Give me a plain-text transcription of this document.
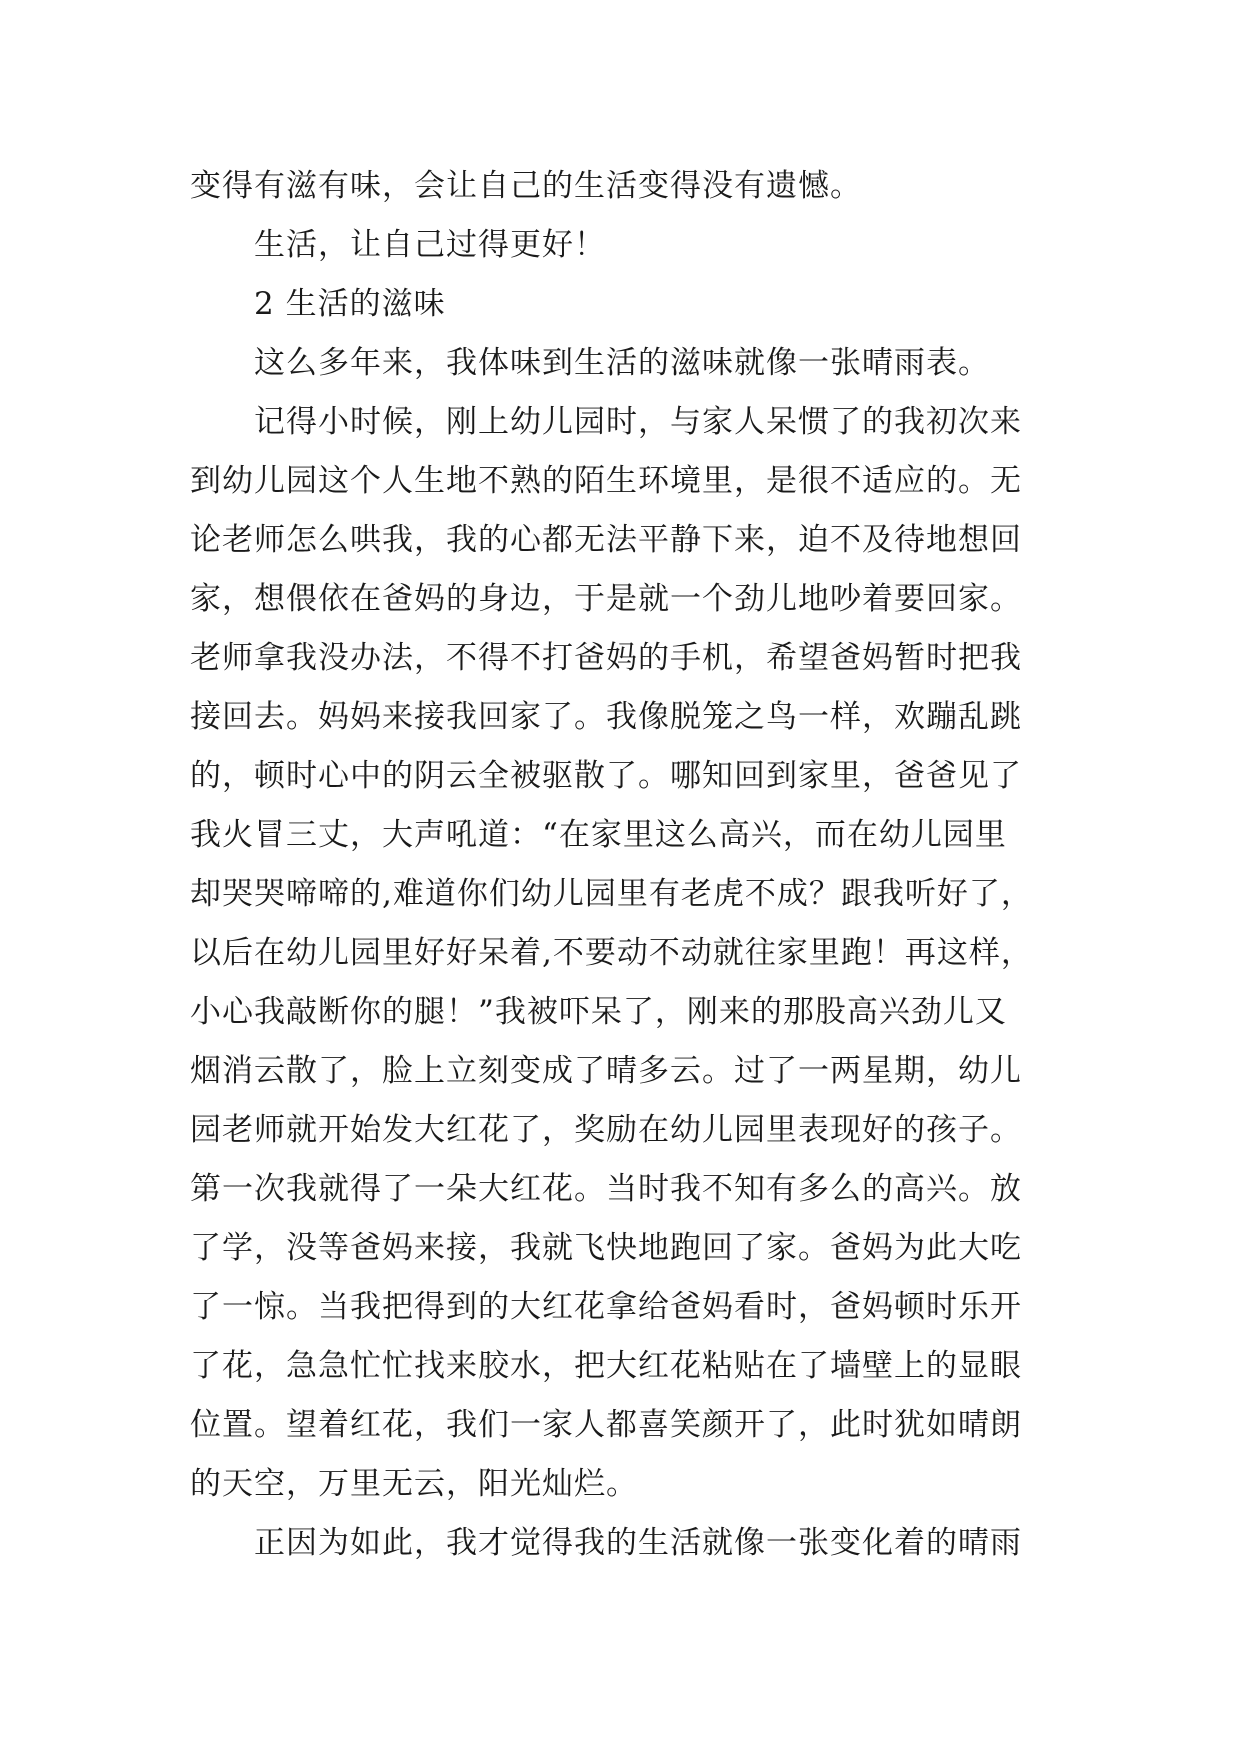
变得有滋有味，会让自己的生活变得没有遗憾。
生活，让自己过得更好！
2 生活的滋味
这么多年来，我体味到生活的滋味就像一张晴雨表。
记得小时候，刚上幼儿园时，与家人呆惯了的我初次来
到幼儿园这个人生地不熟的陌生环境里，是很不适应的。无
论老师怎么哄我，我的心都无法平静下来，迫不及待地想回
家，想偎依在爸妈的身边，于是就一个劲儿地吵着要回家。
老师拿我没办法，不得不打爸妈的手机，希望爸妈暂时把我
接回去。妈妈来接我回家了。我像脱笼之鸟一样，欢蹦乱跳
的，顿时心中的阴云全被驱散了。哪知回到家里，爸爸见了
我火冒三丈，大声吼道：“在家里这么高兴，而在幼儿园里
却哭哭啼啼的,难道你们幼儿园里有老虎不成？跟我听好了，
以后在幼儿园里好好呆着,不要动不动就往家里跑！再这样，
小心我敲断你的腿！”我被吓呆了，刚来的那股高兴劲儿又
烟消云散了，脸上立刻变成了晴多云。过了一两星期，幼儿
园老师就开始发大红花了，奖励在幼儿园里表现好的孩子。
第一次我就得了一朵大红花。当时我不知有多么的高兴。放
了学，没等爸妈来接，我就飞快地跑回了家。爸妈为此大吃
了一惊。当我把得到的大红花拿给爸妈看时，爸妈顿时乐开
了花，急急忙忙找来胶水，把大红花粘贴在了墙壁上的显眼
位置。望着红花，我们一家人都喜笑颜开了，此时犹如晴朗
的天空，万里无云，阳光灿烂。
正因为如此，我才觉得我的生活就像一张变化着的晴雨
